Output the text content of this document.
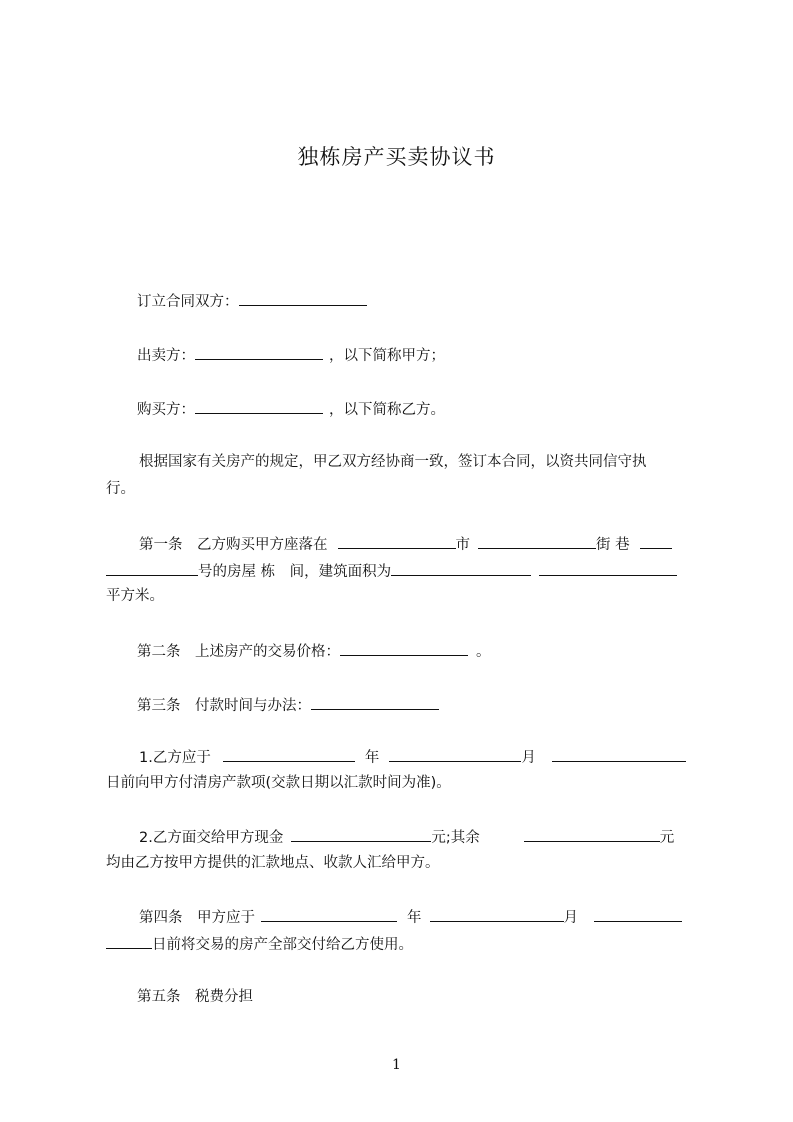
独栋房产买卖协议书
订立合同双方：
出卖方：	，以下简称甲方；
购买方：	，以下简称乙方。
根据国家有关房产的规定，甲乙双方经协商一致，签订本合同，以资共同信守执
行。
第一条　乙方购买甲方座落在	市	街 巷
号的房屋 栋　间，建筑面积为
平方米。
第二条　上述房产的交易价格：	。
第三条　付款时间与办法：
1.乙方应于	年	月
日前向甲方付清房产款项(交款日期以汇款时间为准)。
2.乙方面交给甲方现金	元;其余	元
均由乙方按甲方提供的汇款地点、收款人汇给甲方。
第四条　甲方应于	年	月
日前将交易的房产全部交付给乙方使用。
第五条　税费分担
1
